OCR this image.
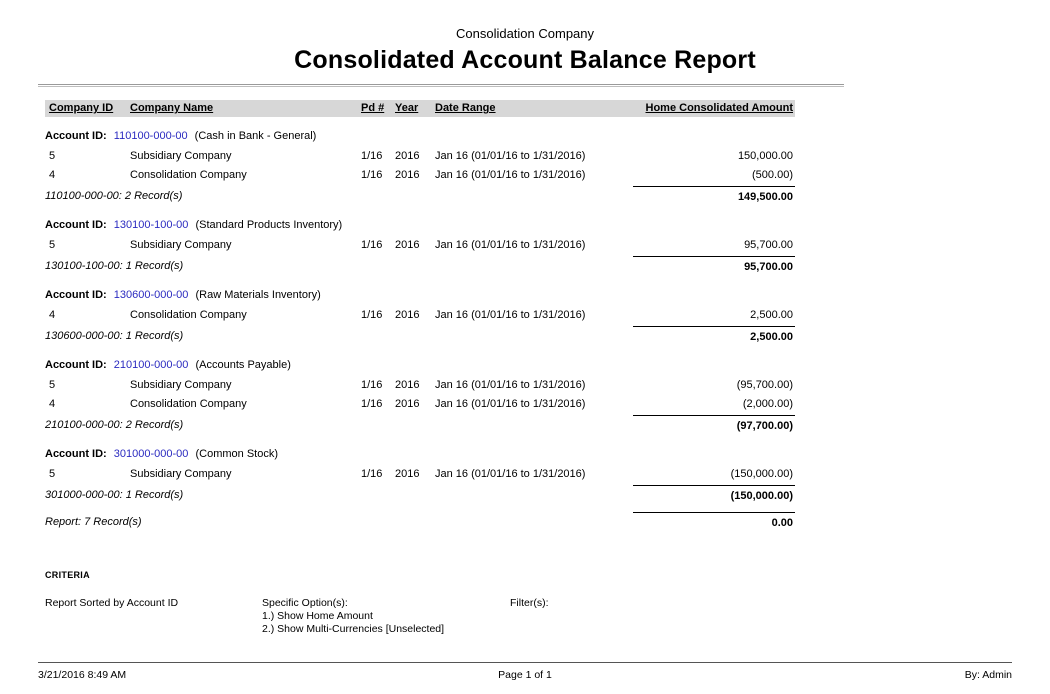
Consolidation Company
Consolidated Account Balance Report
Company ID	Company Name	Pd # Year	Date Range	Home Consolidated Amount
Account ID: 110100-000-00 (Cash in Bank - General)
5	Subsidiary Company	1/16	2016	Jan 16 (01/01/16 to 1/31/2016)	150,000.00
4	Consolidation Company	1/16	2016	Jan 16 (01/01/16 to 1/31/2016)	(500.00)
110100-000-00: 2 Record(s)	149,500.00
Account ID: 130100-100-00 (Standard Products Inventory)
5	Subsidiary Company	1/16	2016	Jan 16 (01/01/16 to 1/31/2016)	95,700.00
130100-100-00: 1 Record(s)	95,700.00
Account ID: 130600-000-00 (Raw Materials Inventory)
4	Consolidation Company	1/16	2016	Jan 16 (01/01/16 to 1/31/2016)	2,500.00
130600-000-00: 1 Record(s)	2,500.00
Account ID: 210100-000-00 (Accounts Payable)
5	Subsidiary Company	1/16	2016	Jan 16 (01/01/16 to 1/31/2016)	(95,700.00)
4	Consolidation Company	1/16	2016	Jan 16 (01/01/16 to 1/31/2016)	(2,000.00)
210100-000-00: 2 Record(s)	(97,700.00)
Account ID: 301000-000-00 (Common Stock)
5	Subsidiary Company	1/16	2016	Jan 16 (01/01/16 to 1/31/2016)	(150,000.00)
301000-000-00: 1 Record(s)	(150,000.00)
Report: 7 Record(s)	0.00
CRITERIA
Report Sorted by Account ID	Specific Option(s):
1.) Show Home Amount
2.) Show Multi-Currencies [Unselected]
Filter(s):
3/21/2016 8:49 AM	Page 1 of 1	By: Admin
